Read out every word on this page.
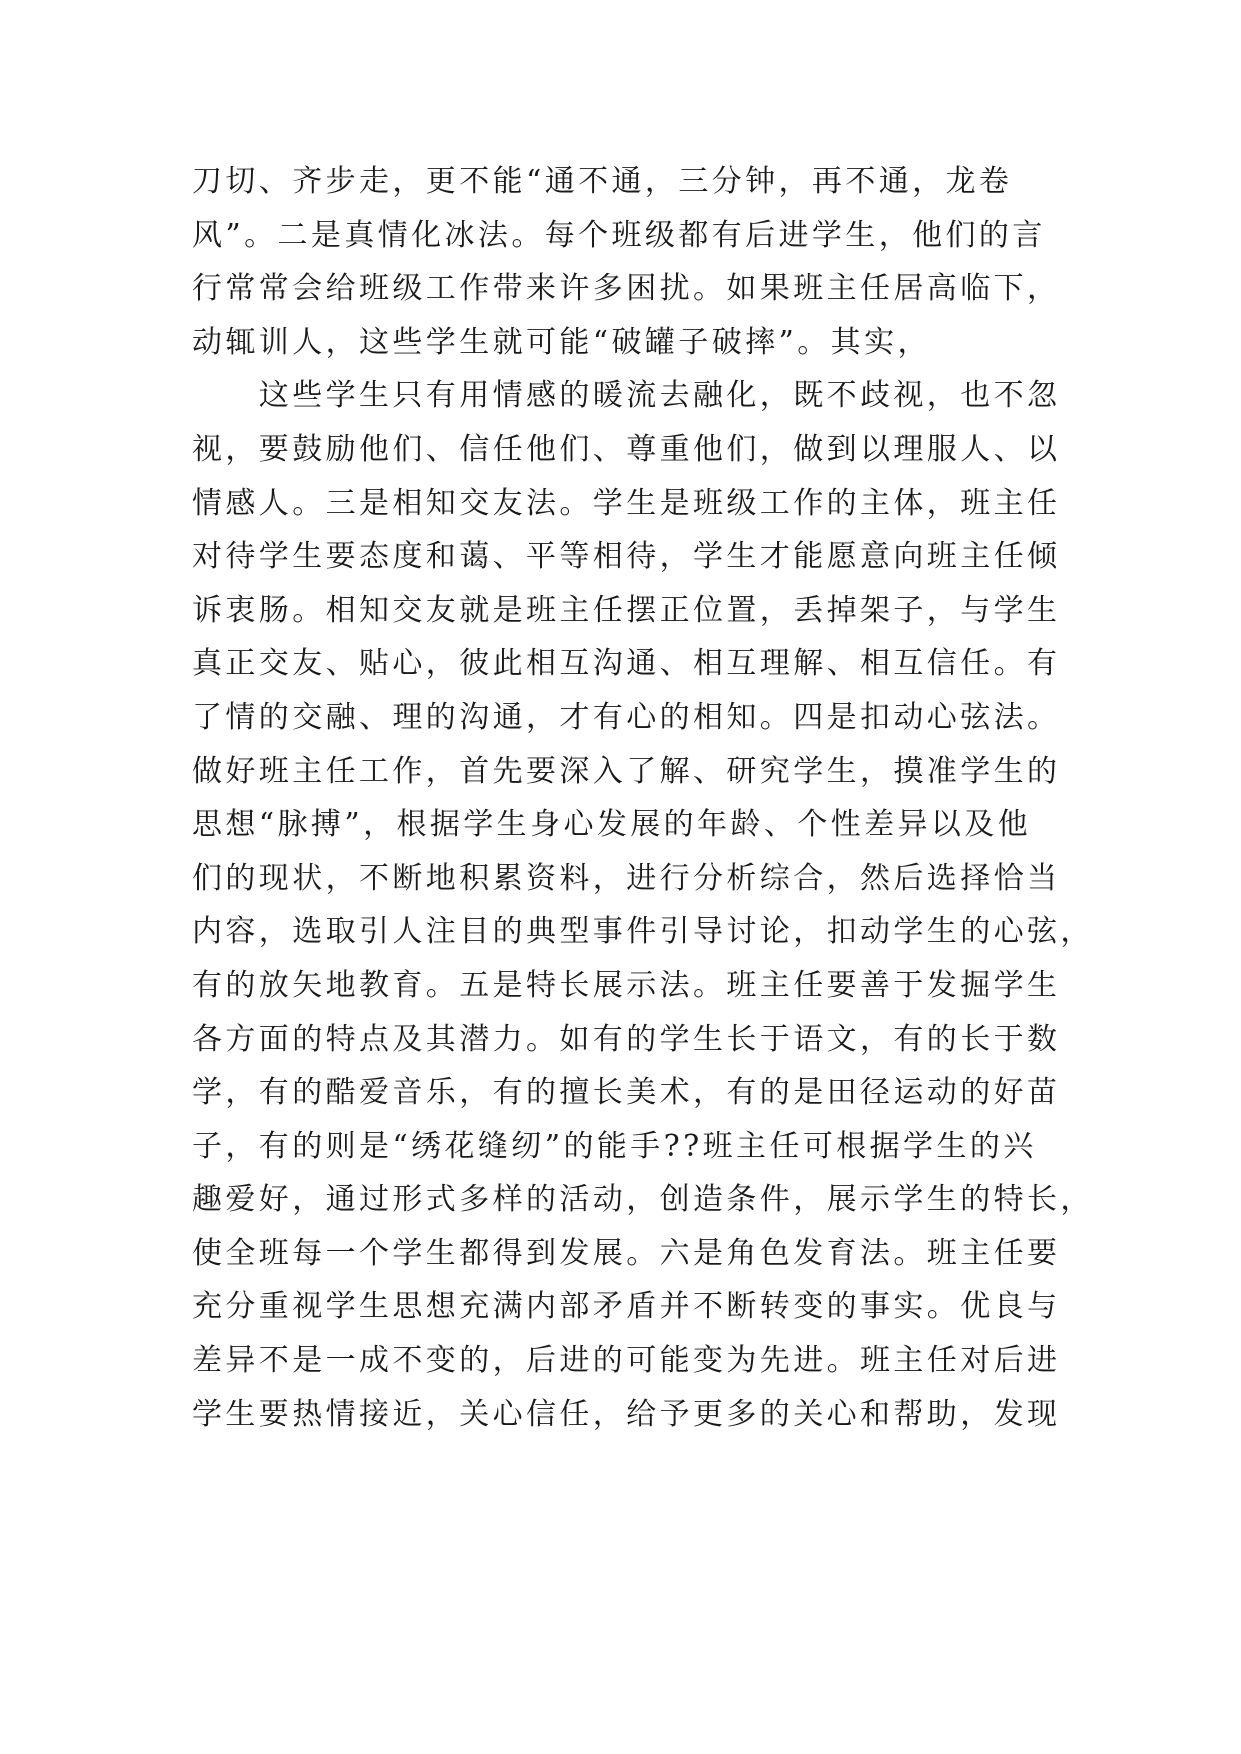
刀切、齐步走，更不能“通不通，三分钟，再不通，龙卷
风”。二是真情化冰法。每个班级都有后进学生，他们的言
行常常会给班级工作带来许多困扰。如果班主任居高临下，
动辄训人，这些学生就可能“破罐子破摔”。其实，
　　这些学生只有用情感的暖流去融化，既不歧视，也不忽
视，要鼓励他们、信任他们、尊重他们，做到以理服人、以
情感人。三是相知交友法。学生是班级工作的主体，班主任
对待学生要态度和蔼、平等相待，学生才能愿意向班主任倾
诉衷肠。相知交友就是班主任摆正位置，丢掉架子，与学生
真正交友、贴心，彼此相互沟通、相互理解、相互信任。有
了情的交融、理的沟通，才有心的相知。四是扣动心弦法。
做好班主任工作，首先要深入了解、研究学生，摸准学生的
思想“脉搏”，根据学生身心发展的年龄、个性差异以及他
们的现状，不断地积累资料，进行分析综合，然后选择恰当
内容，选取引人注目的典型事件引导讨论，扣动学生的心弦，
有的放矢地教育。五是特长展示法。班主任要善于发掘学生
各方面的特点及其潜力。如有的学生长于语文，有的长于数
学，有的酷爱音乐，有的擅长美术，有的是田径运动的好苗
子，有的则是“绣花缝纫”的能手??班主任可根据学生的兴
趣爱好，通过形式多样的活动，创造条件，展示学生的特长，
使全班每一个学生都得到发展。六是角色发育法。班主任要
充分重视学生思想充满内部矛盾并不断转变的事实。优良与
差异不是一成不变的，后进的可能变为先进。班主任对后进
学生要热情接近，关心信任，给予更多的关心和帮助，发现
